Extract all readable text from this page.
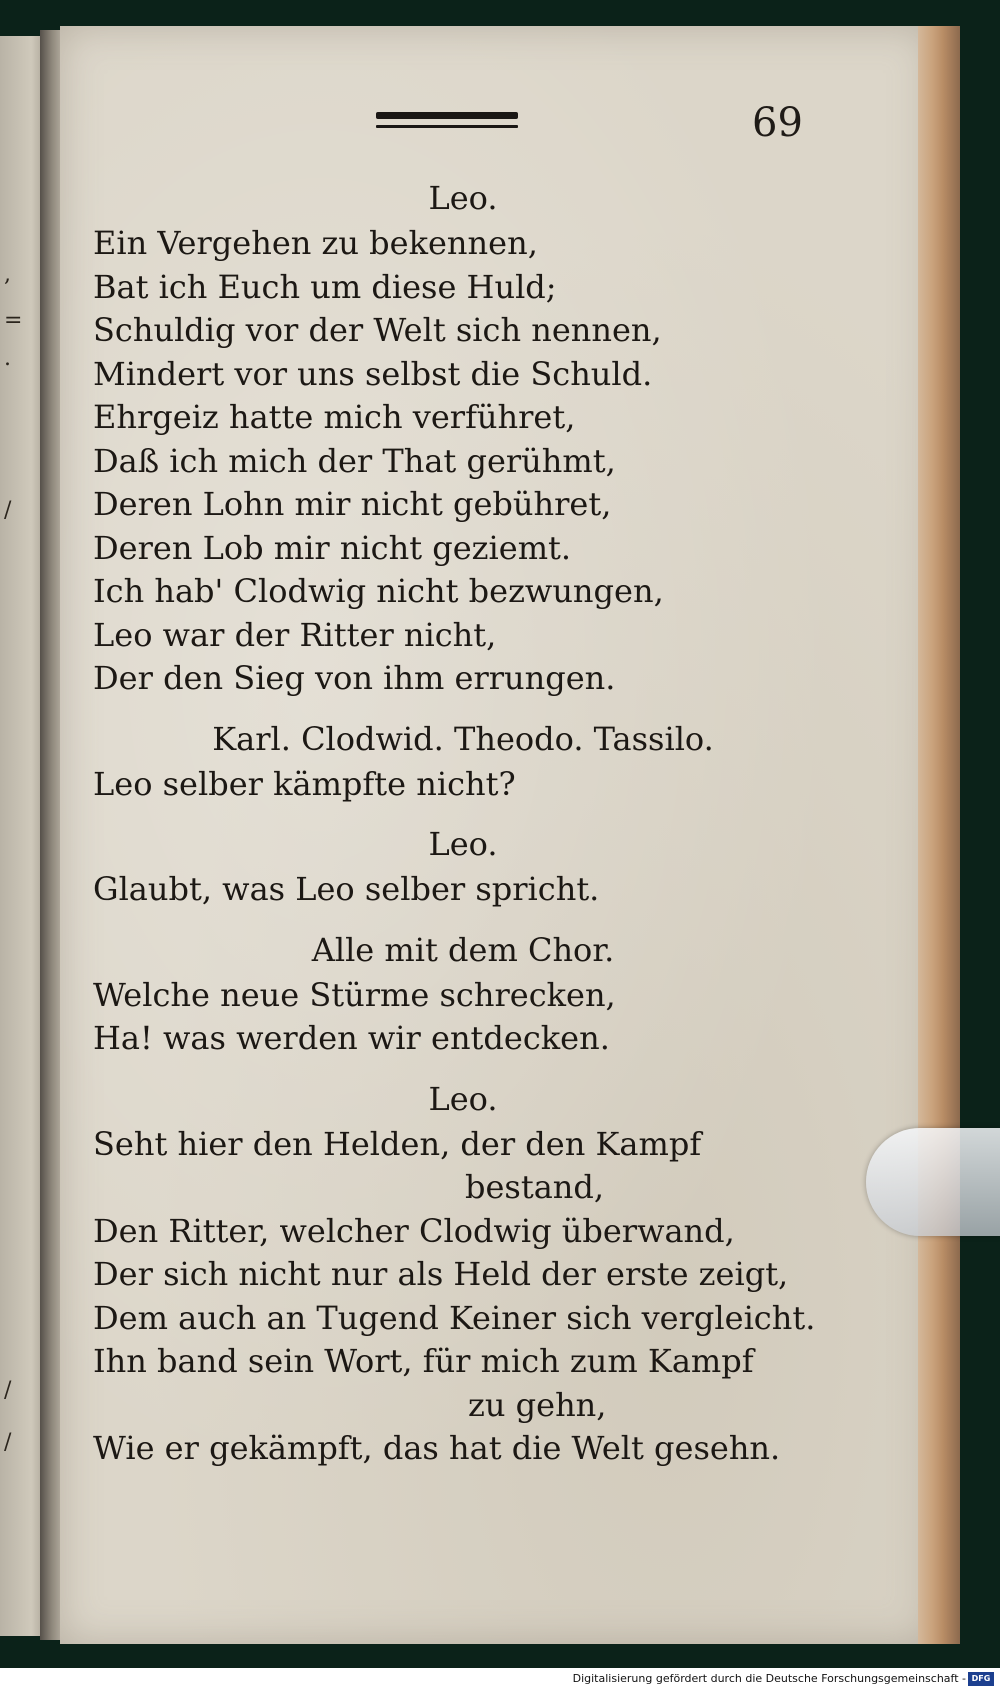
,
=
.
/
/
/
69
Leo.
Ein Vergehen zu bekennen,
Bat ich Euch um diese Huld;
Schuldig vor der Welt sich nennen,
Mindert vor uns selbst die Schuld.
Ehrgeiz hatte mich verführet,
Daß ich mich der That gerühmt,
Deren Lohn mir nicht gebühret,
Deren Lob mir nicht geziemt.
Ich hab' Clodwig nicht bezwungen,
Leo war der Ritter nicht,
Der den Sieg von ihm errungen.
Karl. Clodwid. Theodo. Tassilo.
Leo selber kämpfte nicht?
Leo.
Glaubt, was Leo selber spricht.
Alle mit dem Chor.
Welche neue Stürme schrecken,
Ha! was werden wir entdecken.
Leo.
Seht hier den Helden, der den Kampf
bestand,
Den Ritter, welcher Clodwig überwand,
Der sich nicht nur als Held der erste zeigt,
Dem auch an Tugend Keiner sich vergleicht.
Ihn band sein Wort, für mich zum Kampf
zu gehn,
Wie er gekämpft, das hat die Welt gesehn.
Digitalisierung gefördert durch die Deutsche Forschungsgemeinschaft - DFG
